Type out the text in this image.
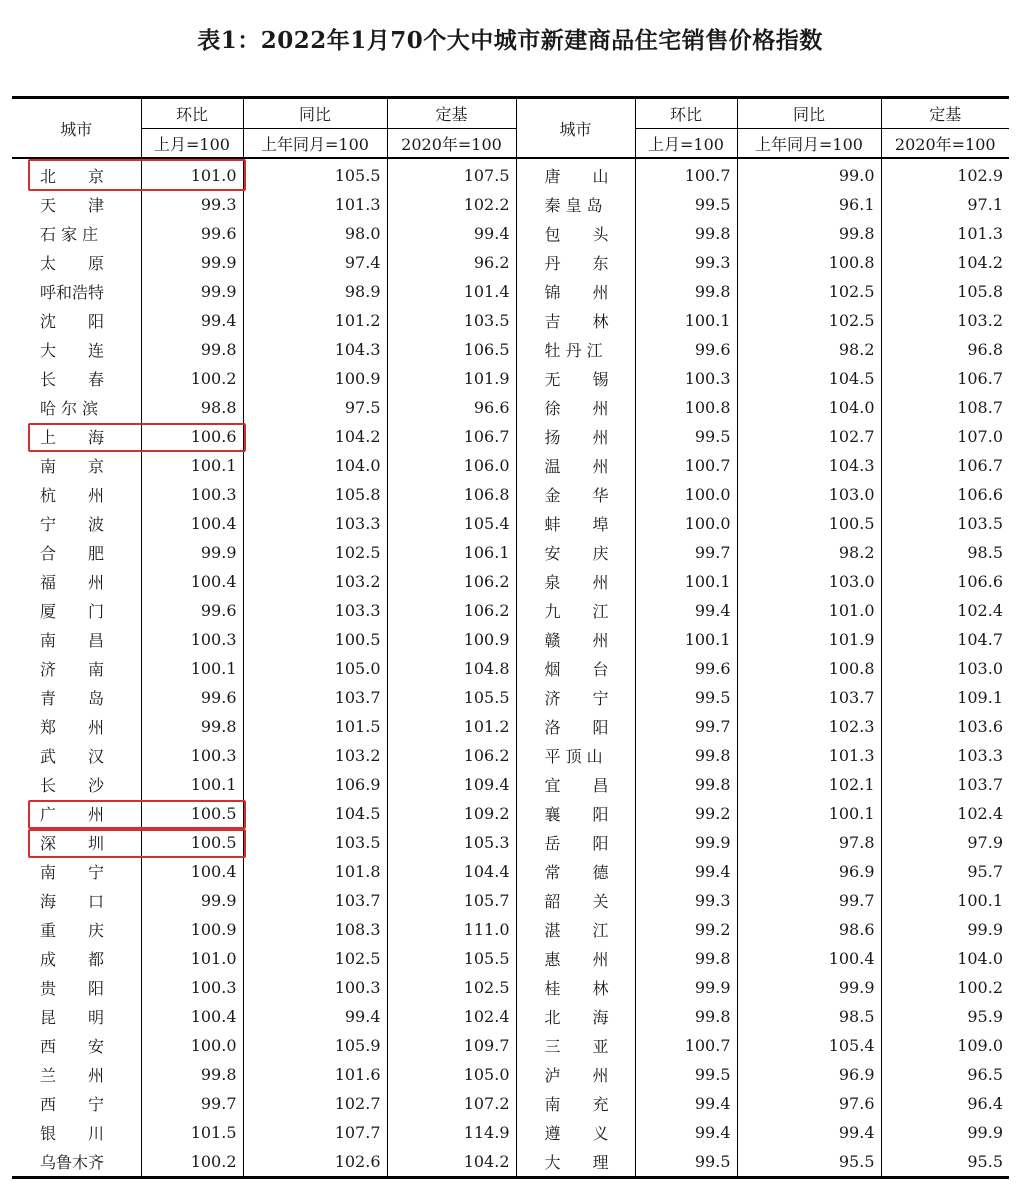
表1：2022年1月70个大中城市新建商品住宅销售价格指数
城市	环比	同比	定基	城市	环比	同比	定基
	上月=100	上年同月=100	2020年=100		上月=100	上年同月=100	2020年=100
北　　京	101.0	105.5	107.5	唐　　山	100.7	99.0	102.9
天　　津	99.3	101.3	102.2	秦 皇 岛	99.5	96.1	97.1
石 家 庄	99.6	98.0	99.4	包　　头	99.8	99.8	101.3
太　　原	99.9	97.4	96.2	丹　　东	99.3	100.8	104.2
呼和浩特	99.9	98.9	101.4	锦　　州	99.8	102.5	105.8
沈　　阳	99.4	101.2	103.5	吉　　林	100.1	102.5	103.2
大　　连	99.8	104.3	106.5	牡 丹 江	99.6	98.2	96.8
长　　春	100.2	100.9	101.9	无　　锡	100.3	104.5	106.7
哈 尔 滨	98.8	97.5	96.6	徐　　州	100.8	104.0	108.7
上　　海	100.6	104.2	106.7	扬　　州	99.5	102.7	107.0
南　　京	100.1	104.0	106.0	温　　州	100.7	104.3	106.7
杭　　州	100.3	105.8	106.8	金　　华	100.0	103.0	106.6
宁　　波	100.4	103.3	105.4	蚌　　埠	100.0	100.5	103.5
合　　肥	99.9	102.5	106.1	安　　庆	99.7	98.2	98.5
福　　州	100.4	103.2	106.2	泉　　州	100.1	103.0	106.6
厦　　门	99.6	103.3	106.2	九　　江	99.4	101.0	102.4
南　　昌	100.3	100.5	100.9	赣　　州	100.1	101.9	104.7
济　　南	100.1	105.0	104.8	烟　　台	99.6	100.8	103.0
青　　岛	99.6	103.7	105.5	济　　宁	99.5	103.7	109.1
郑　　州	99.8	101.5	101.2	洛　　阳	99.7	102.3	103.6
武　　汉	100.3	103.2	106.2	平 顶 山	99.8	101.3	103.3
长　　沙	100.1	106.9	109.4	宜　　昌	99.8	102.1	103.7
广　　州	100.5	104.5	109.2	襄　　阳	99.2	100.1	102.4
深　　圳	100.5	103.5	105.3	岳　　阳	99.9	97.8	97.9
南　　宁	100.4	101.8	104.4	常　　德	99.4	96.9	95.7
海　　口	99.9	103.7	105.7	韶　　关	99.3	99.7	100.1
重　　庆	100.9	108.3	111.0	湛　　江	99.2	98.6	99.9
成　　都	101.0	102.5	105.5	惠　　州	99.8	100.4	104.0
贵　　阳	100.3	100.3	102.5	桂　　林	99.9	99.9	100.2
昆　　明	100.4	99.4	102.4	北　　海	99.8	98.5	95.9
西　　安	100.0	105.9	109.7	三　　亚	100.7	105.4	109.0
兰　　州	99.8	101.6	105.0	泸　　州	99.5	96.9	96.5
西　　宁	99.7	102.7	107.2	南　　充	99.4	97.6	96.4
银　　川	101.5	107.7	114.9	遵　　义	99.4	99.4	99.9
乌鲁木齐	100.2	102.6	104.2	大　　理	99.5	95.5	95.5
